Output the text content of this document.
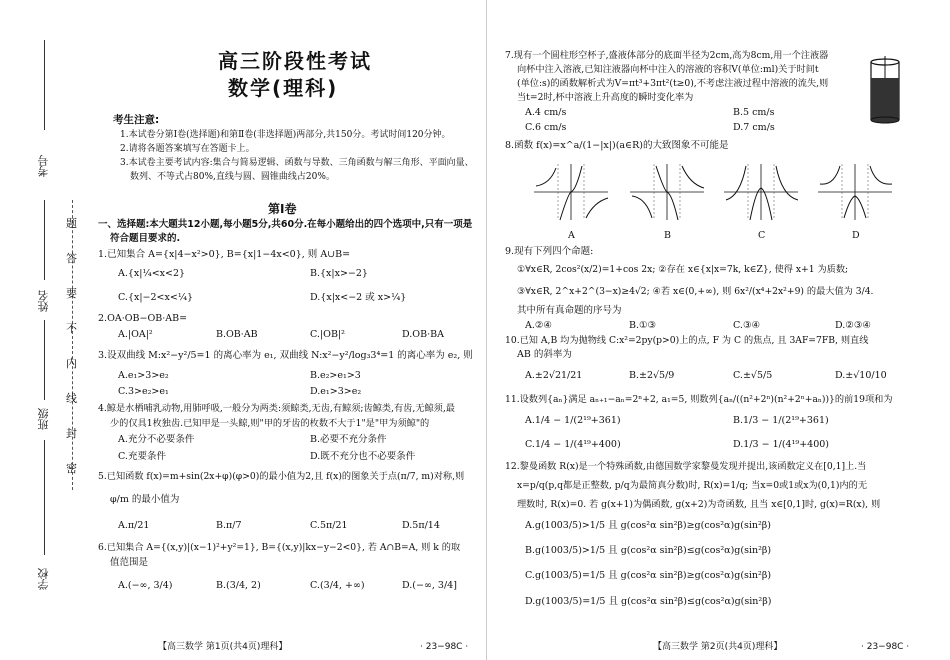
考号
姓名
班级
学校
题
答
要
不
内
线
封
密
高三阶段性考试
数学(理科)
考生注意:
1.本试卷分第Ⅰ卷(选择题)和第Ⅱ卷(非选择题)两部分,共150分。考试时间120分钟。
2.请将各题答案填写在答题卡上。
3.本试卷主要考试内容:集合与简易逻辑、函数与导数、三角函数与解三角形、平面向量、
数列、不等式占80%,直线与圆、圆锥曲线占20%。
第Ⅰ卷
一、选择题:本大题共12小题,每小题5分,共60分.在每小题给出的四个选项中,只有一项是
符合题目要求的.
1.已知集合 A={x|4−x²>0}, B={x|1−4x<0}, 则 A∪B=
A.{x|¼<x<2}	B.{x|x>−2}
C.{x|−2<x<¼}	D.{x|x<−2 或 x>¼}
2.OA·OB−OB·AB=
A.|OA|²	B.OB·AB	C.|OB|²	D.OB·BA
3.设双曲线 M:x²−y²/5=1 的离心率为 e₁, 双曲线 N:x²−y²/log₃3⁴=1 的离心率为 e₂, 则
A.e₁>3>e₂	B.e₂>e₁>3
C.3>e₂>e₁	D.e₁>3>e₂
4.鲸是水栖哺乳动物,用肺呼吸,一般分为两类:须鲸类,无齿,有鲸须;齿鲸类,有齿,无鲸须,最
少的仅具1枚独齿.已知甲是一头鲸,则"甲的牙齿的枚数不大于1"是"甲为须鲸"的
A.充分不必要条件	B.必要不充分条件
C.充要条件	D.既不充分也不必要条件
5.已知函数 f(x)=m+sin(2x+φ)(φ>0)的最小值为2,且 f(x)的图象关于点(π/7, m)对称,则
φ/m 的最小值为
A.π/21	B.π/7	C.5π/21	D.5π/14
6.已知集合 A={(x,y)|(x−1)²+y²=1}, B={(x,y)|kx−y−2<0}, 若 A∩B=A, 则 k 的取
值范围是
A.(−∞, 3/4)	B.(3/4, 2)	C.(3/4, +∞)	D.(−∞, 3/4]
【高三数学 第1页(共4页)理科】	· 23−98C ·
7.现有一个圆柱形空杯子,盛液体部分的底面半径为2cm,高为8cm,用一个注液器
向杯中注入溶液,已知注液器向杯中注入的溶液的容积V(单位:ml)关于时间t
(单位:s)的函数解析式为V=πt³+3πt²(t≥0),不考虑注液过程中溶液的流失,则
当t=2时,杯中溶液上升高度的瞬时变化率为
A.4 cm/s	B.5 cm/s
C.6 cm/s	D.7 cm/s
8.函数 f(x)=x^a/(1−|x|)(a∈R)的大致图象不可能是
9.现有下列四个命题:
①∀x∈R, 2cos²(x/2)=1+cos 2x; ②存在 x∈{x|x=7k, k∈Z}, 使得 x+1 为质数;
③∀x∈R, 2^x+2^(3−x)≥4√2; ④若 x∈(0,+∞), 则 6x²/(x⁴+2x²+9) 的最大值为 3/4.
其中所有真命题的序号为
A.②④	B.①③	C.③④	D.②③④
10.已知 A,B 均为抛物线 C:x²=2py(p>0)上的点, F 为 C 的焦点, 且 3AF=7FB, 则直线
AB 的斜率为
A.±2√21/21	B.±2√5/9	C.±√5/5	D.±√10/10
11.设数列{aₙ}满足 aₙ₊₁−aₙ=2ⁿ+2, a₁=5, 则数列{aₙ/((n²+2ⁿ)(n²+2ⁿ+aₙ))}的前19项和为
A.1/4 − 1/(2¹⁹+361)	B.1/3 − 1/(2¹⁹+361)
C.1/4 − 1/(4¹⁹+400)	D.1/3 − 1/(4¹⁹+400)
12.黎曼函数 R(x)是一个特殊函数,由德国数学家黎曼发现并提出,该函数定义在[0,1]上.当
x=p/q(p,q都是正整数, p/q为最简真分数)时, R(x)=1/q; 当x=0或1或x为(0,1)内的无
理数时, R(x)=0. 若 g(x+1)为偶函数, g(x+2)为奇函数, 且当 x∈[0,1]时, g(x)=R(x), 则
A.g(1003/5)>1/5 且 g(cos²α sin²β)≥g(cos²α)g(sin²β)
B.g(1003/5)>1/5 且 g(cos²α sin²β)≤g(cos²α)g(sin²β)
C.g(1003/5)=1/5 且 g(cos²α sin²β)≥g(cos²α)g(sin²β)
D.g(1003/5)=1/5 且 g(cos²α sin²β)≤g(cos²α)g(sin²β)
【高三数学 第2页(共4页)理科】	· 23−98C ·
A	B	C	D
